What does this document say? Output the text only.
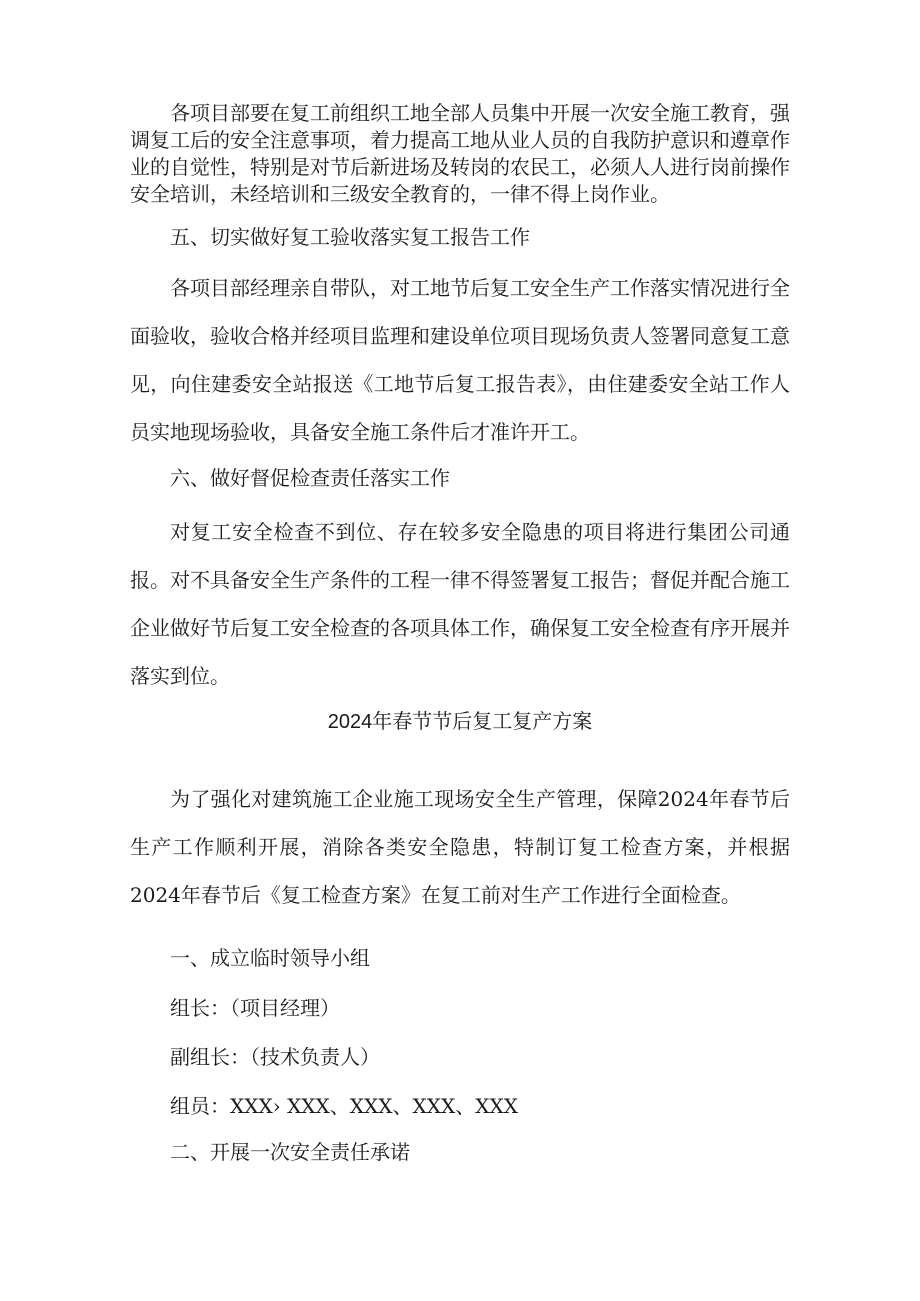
各项目部要在复工前组织工地全部人员集中开展一次安全施工教育，强调复工后的安全注意事项，着力提高工地从业人员的自我防护意识和遵章作业的自觉性，特别是对节后新进场及转岗的农民工，必须人人进行岗前操作安全培训，未经培训和三级安全教育的，一律不得上岗作业。

五、切实做好复工验收落实复工报告工作

各项目部经理亲自带队，对工地节后复工安全生产工作落实情况进行全面验收，验收合格并经项目监理和建设单位项目现场负责人签署同意复工意见，向住建委安全站报送《工地节后复工报告表》，由住建委安全站工作人员实地现场验收，具备安全施工条件后才准许开工。

六、做好督促检查责任落实工作

对复工安全检查不到位、存在较多安全隐患的项目将进行集团公司通报。对不具备安全生产条件的工程一律不得签署复工报告；督促并配合施工企业做好节后复工安全检查的各项具体工作，确保复工安全检查有序开展并落实到位。

2024年春节节后复工复产方案

为了强化对建筑施工企业施工现场安全生产管理，保障2024年春节后生产工作顺利开展，消除各类安全隐患，特制订复工检查方案，并根据2024年春节后《复工检查方案》在复工前对生产工作进行全面检查。

一、成立临时领导小组

组长：（项目经理）

副组长：（技术负责人）

组员：XXX› XXX、XXX、XXX、XXX

二、开展一次安全责任承诺
